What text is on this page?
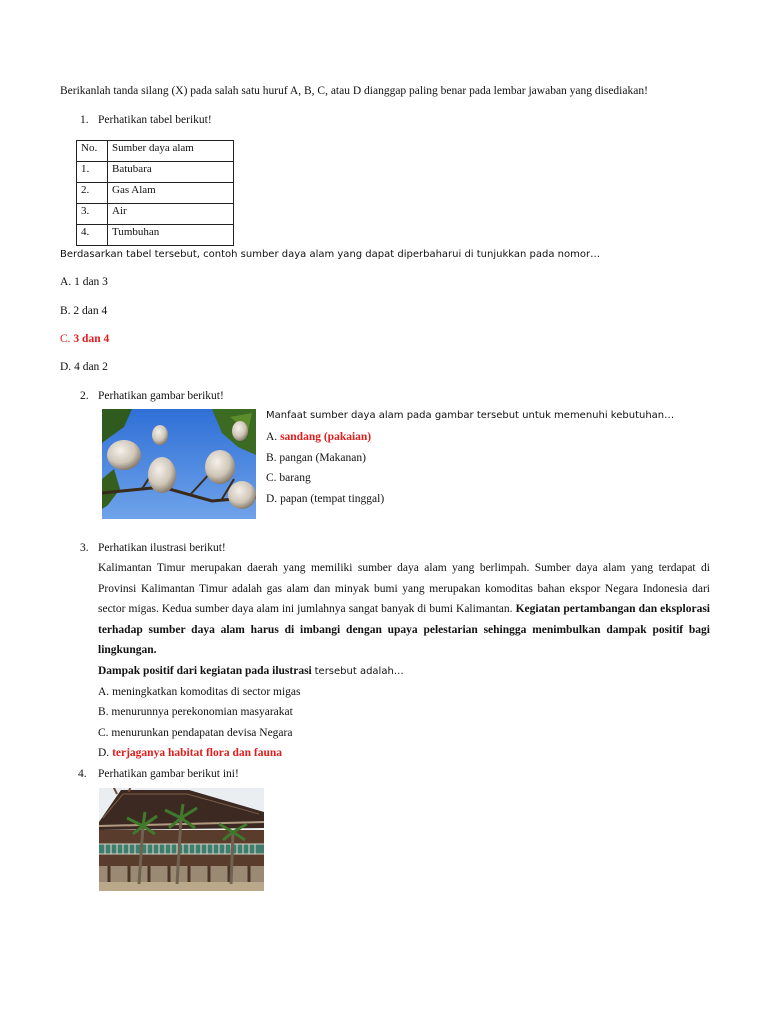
Berikanlah tanda silang (X) pada salah satu huruf A, B, C, atau D dianggap paling benar pada lembar jawaban yang disediakan!
1. Perhatikan tabel berikut!
No.	Sumber daya alam
1.	Batubara
2.	Gas Alam
3.	Air
4.	Tumbuhan
Berdasarkan tabel tersebut, contoh sumber daya alam yang dapat diperbaharui di tunjukkan pada nomor…
A. 1 dan 3
B. 2 dan 4
C. 3 dan 4
D. 4 dan 2
2. Perhatikan gambar berikut!
Manfaat sumber daya alam pada gambar tersebut untuk memenuhi kebutuhan…
A. sandang (pakaian)
B. pangan (Makanan)
C. barang
D. papan (tempat tinggal)
3. Perhatikan ilustrasi berikut!
Kalimantan Timur merupakan daerah yang memiliki sumber daya alam yang berlimpah. Sumber daya alam yang terdapat di Provinsi Kalimantan Timur adalah gas alam dan minyak bumi yang merupakan komoditas bahan ekspor Negara Indonesia dari sector migas. Kedua sumber daya alam ini jumlahnya sangat banyak di bumi Kalimantan. Kegiatan pertambangan dan eksplorasi terhadap sumber daya alam harus di imbangi dengan upaya pelestarian sehingga menimbulkan dampak positif bagi lingkungan.
Dampak positif dari kegiatan pada ilustrasi tersebut adalah…
A. meningkatkan komoditas di sector migas
B. menurunnya perekonomian masyarakat
C. menurunkan pendapatan devisa Negara
D. terjaganya habitat flora dan fauna
4. Perhatikan gambar berikut ini!
